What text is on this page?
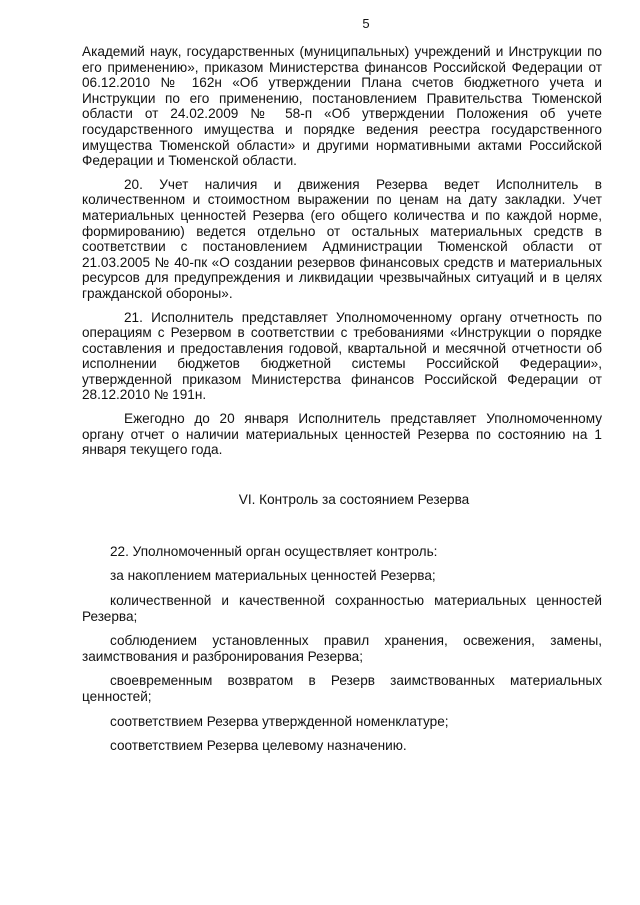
5

Академий наук, государственных (муниципальных) учреждений и Инструкции по его применению», приказом Министерства финансов Российской Федерации от 06.12.2010 № 162н «Об утверждении Плана счетов бюджетного учета и Инструкции по его применению, постановлением Правительства Тюменской области от 24.02.2009 № 58-п «Об утверждении Положения об учете государственного имущества и порядке ведения реестра государственного имущества Тюменской области» и другими нормативными актами Российской Федерации и Тюменской области.

20. Учет наличия и движения Резерва ведет Исполнитель в количественном и стоимостном выражении по ценам на дату закладки. Учет материальных ценностей Резерва (его общего количества и по каждой норме, формированию) ведется отдельно от остальных материальных средств в соответствии с постановлением Администрации Тюменской области от 21.03.2005 № 40-пк «О создании резервов финансовых средств и материальных ресурсов для предупреждения и ликвидации чрезвычайных ситуаций и в целях гражданской обороны».

21. Исполнитель представляет Уполномоченному органу отчетность по операциям с Резервом в соответствии с требованиями «Инструкции о порядке составления и предоставления годовой, квартальной и месячной отчетности об исполнении бюджетов бюджетной системы Российской Федерации», утвержденной приказом Министерства финансов Российской Федерации от 28.12.2010 № 191н.

Ежегодно до 20 января Исполнитель представляет Уполномоченному органу отчет о наличии материальных ценностей Резерва по состоянию на 1 января текущего года.

VI. Контроль за состоянием Резерва

22. Уполномоченный орган осуществляет контроль:

за накоплением материальных ценностей Резерва;

количественной и качественной сохранностью материальных ценностей Резерва;

соблюдением установленных правил хранения, освежения, замены, заимствования и разбронирования Резерва;

своевременным возвратом в Резерв заимствованных материальных ценностей;

соответствием Резерва утвержденной номенклатуре;

соответствием Резерва целевому назначению.
